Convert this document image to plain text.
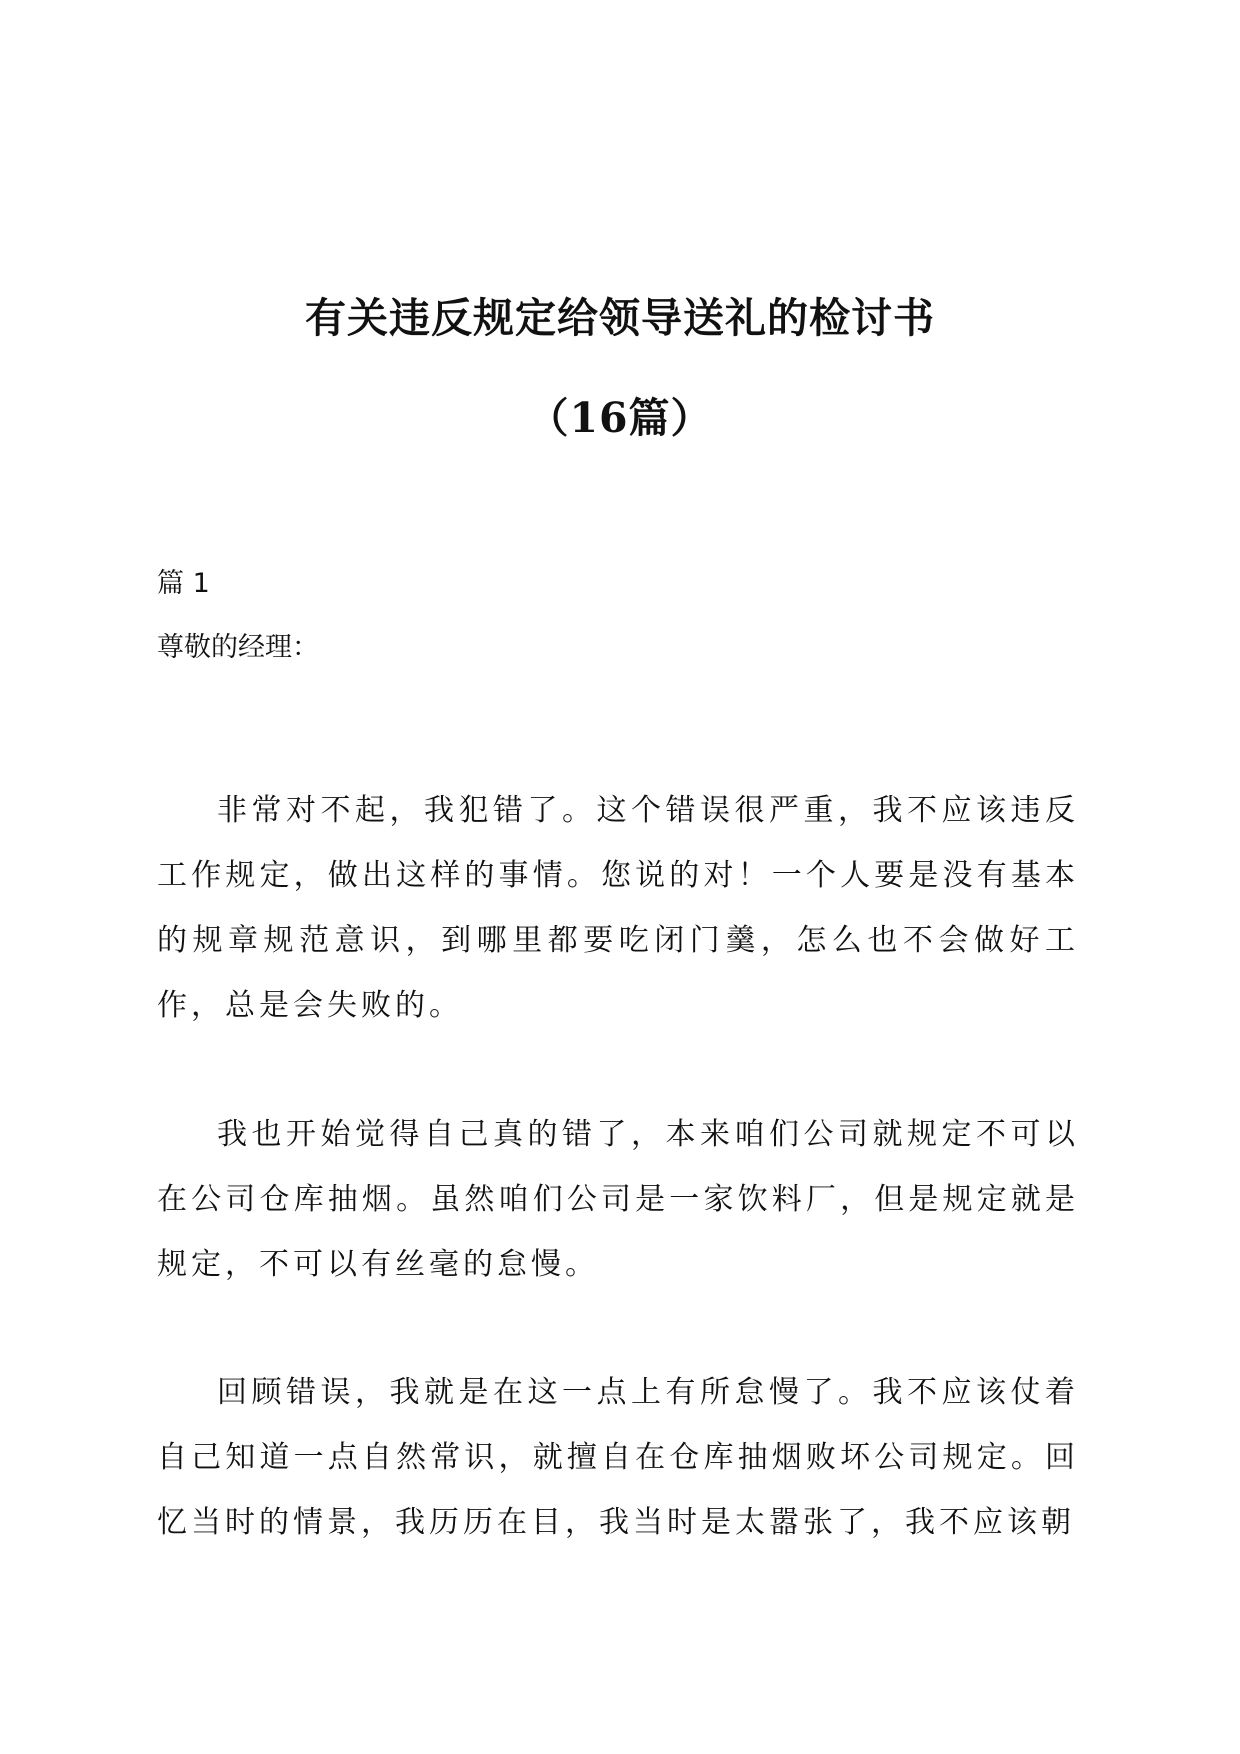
有关违反规定给领导送礼的检讨书
（16篇）
篇 1
尊敬的经理：

非常对不起，我犯错了。这个错误很严重，我不应该违反工作规定，做出这样的事情。您说的对！一个人要是没有基本的规章规范意识，到哪里都要吃闭门羹，怎么也不会做好工作，总是会失败的。

我也开始觉得自己真的错了，本来咱们公司就规定不可以在公司仓库抽烟。虽然咱们公司是一家饮料厂，但是规定就是规定，不可以有丝毫的怠慢。

回顾错误，我就是在这一点上有所怠慢了。我不应该仗着自己知道一点自然常识，就擅自在仓库抽烟败坏公司规定。回忆当时的情景，我历历在目，我当时是太嚣张了，我不应该朝
